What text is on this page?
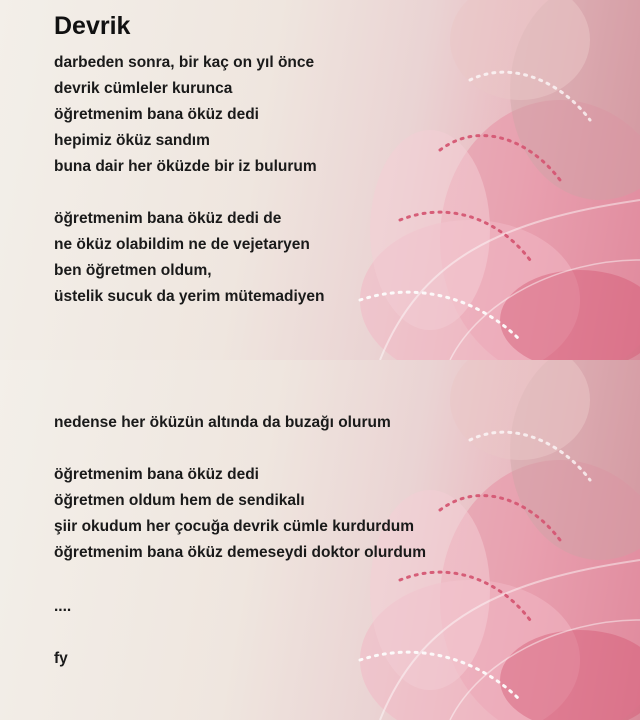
Devrik
darbeden sonra, bir kaç on yıl önce
devrik cümleler kurunca
öğretmenim bana öküz dedi
hepimiz öküz sandım
buna dair her öküzde bir iz bulurum
öğretmenim bana öküz dedi de
ne öküz olabildim ne de vejetaryen
ben öğretmen oldum,
üstelik sucuk da yerim mütemadiyen
nedense her öküzün altında da buzağı olurum
öğretmenim bana öküz dedi
öğretmen oldum hem de sendikalı
şiir okudum her çocuğa devrik cümle kurdurdum
öğretmenim bana öküz demeseydi doktor olurdum
....
fy
